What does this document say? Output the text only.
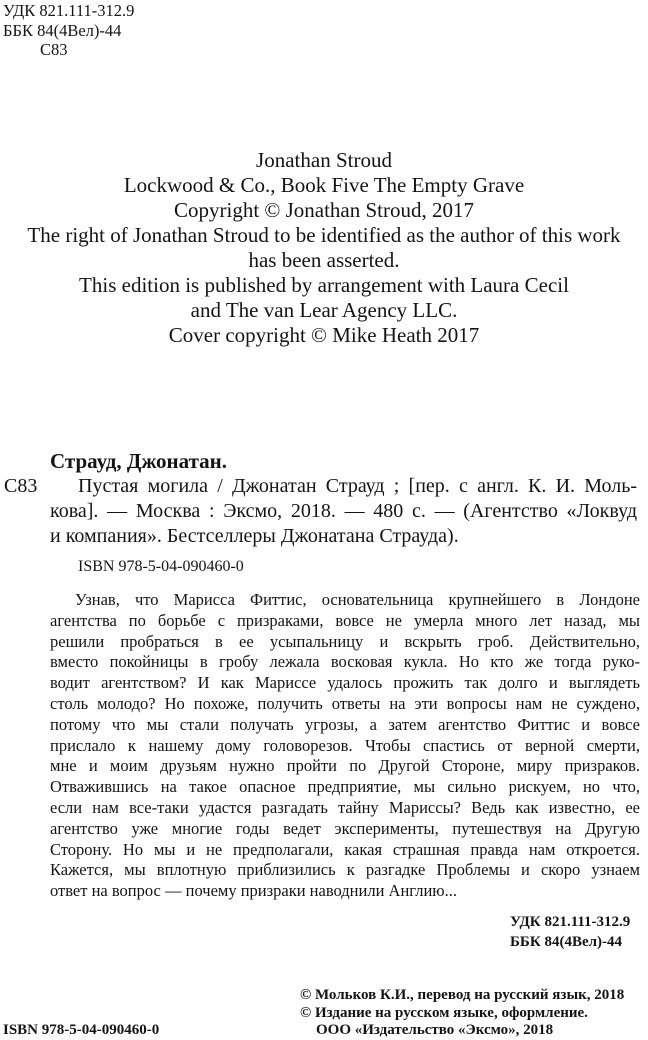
УДК 821.111-312.9
ББК 84(4Вел)-44
С83
Jonathan Stroud
Lockwood & Co., Book Five The Empty Grave
Copyright © Jonathan Stroud, 2017
The right of Jonathan Stroud to be identified as the author of this work
has been asserted.
This edition is published by arrangement with Laura Cecil
and The van Lear Agency LLC.
Cover copyright © Mike Heath 2017
Страуд, Джонатан.
С83 Пустая могила / Джонатан Страуд ; [пер. с англ. К. И. Моль-
кова]. — Москва : Эксмо, 2018. — 480 с. — (Агентство «Локвуд
и компания». Бестселлеры Джонатана Страуда).
ISBN 978-5-04-090460-0
Узнав, что Марисса Фиттис, основательница крупнейшего в Лондоне
агентства по борьбе с призраками, вовсе не умерла много лет назад, мы
решили пробраться в ее усыпальницу и вскрыть гроб. Действительно,
вместо покойницы в гробу лежала восковая кукла. Но кто же тогда руко-
водит агентством? И как Мариссе удалось прожить так долго и выглядеть
столь молодо? Но похоже, получить ответы на эти вопросы нам не суждено,
потому что мы стали получать угрозы, а затем агентство Фиттис и вовсе
прислало к нашему дому головорезов. Чтобы спастись от верной смерти,
мне и моим друзьям нужно пройти по Другой Стороне, миру призраков.
Отважившись на такое опасное предприятие, мы сильно рискуем, но что,
если нам все-таки удастся разгадать тайну Мариссы? Ведь как известно, ее
агентство уже многие годы ведет эксперименты, путешествуя на Другую
Сторону. Но мы и не предполагали, какая страшная правда нам откроется.
Кажется, мы вплотную приблизились к разгадке Проблемы и скоро узнаем
ответ на вопрос — почему призраки наводнили Англию...
УДК 821.111-312.9
ББК 84(4Вел)-44
© Мольков К.И., перевод на русский язык, 2018
© Издание на русском языке, оформление.
ООО «Издательство «Эксмо», 2018
ISBN 978-5-04-090460-0
